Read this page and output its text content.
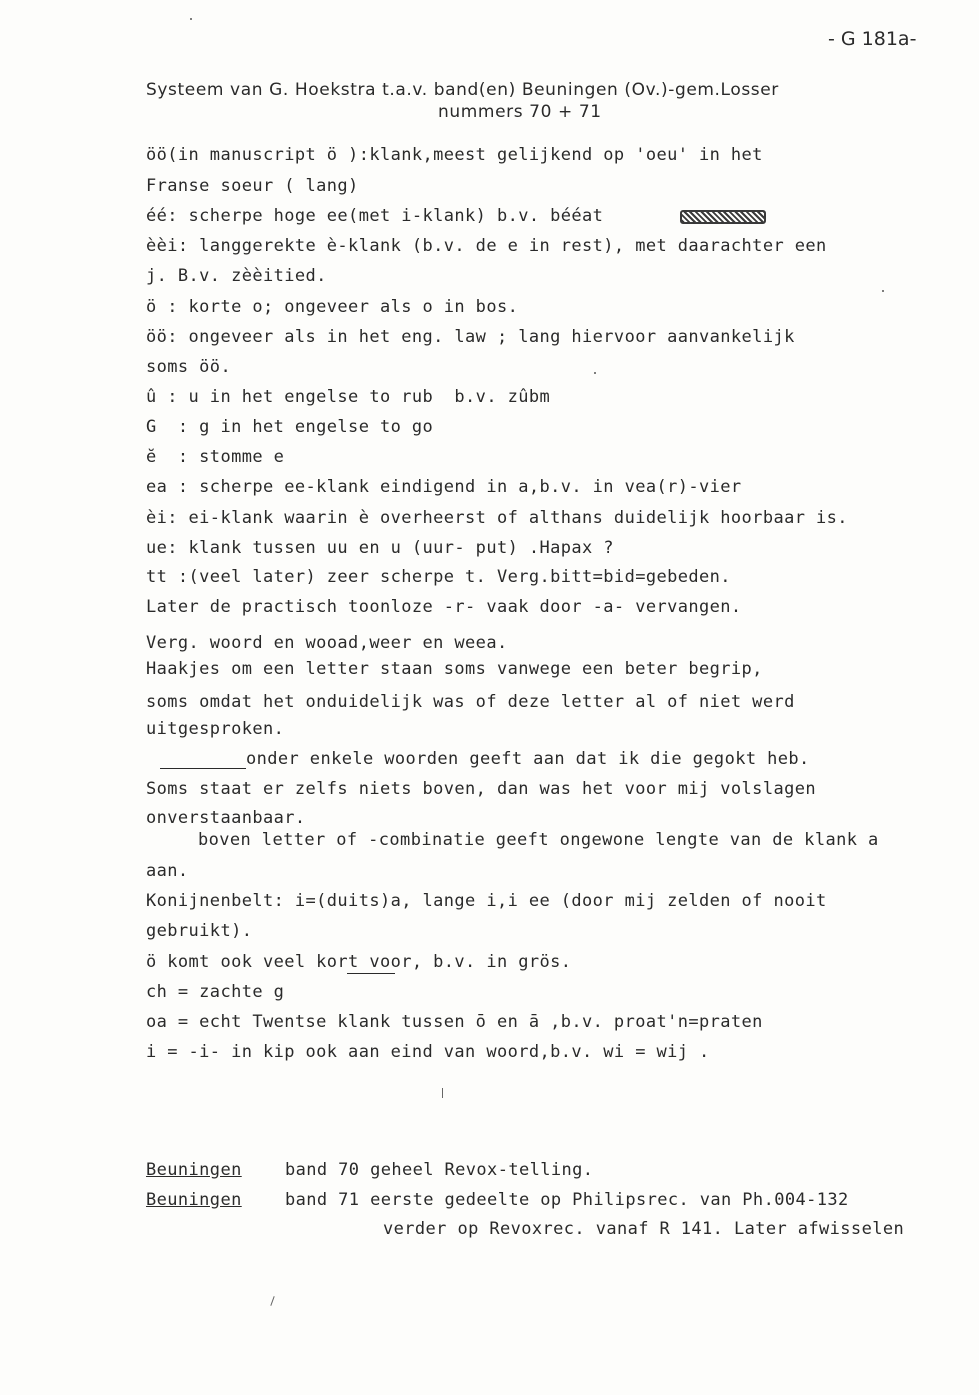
- G 181a-
Systeem van G. Hoekstra t.a.v. band(en) Beuningen (Ov.)-gem.Losser
nummers 70 + 71
öö(in manuscript ö ):klank,meest gelijkend op 'oeu' in het
Franse soeur ( lang)
éé: scherpe hoge ee(met i-klank) b.v. bééat
èèi: langgerekte è-klank (b.v. de e in rest), met daarachter een
j. B.v. zèèitied.
ö : korte o; ongeveer als o in bos.
öö: ongeveer als in het eng. law ; lang hiervoor aanvankelijk
soms öö.
û : u in het engelse to rub  b.v. zûbm
G  : g in het engelse to go
ĕ  : stomme e
ea : scherpe ee-klank eindigend in a,b.v. in vea(r)-vier
èi: ei-klank waarin è overheerst of althans duidelijk hoorbaar is.
ue: klank tussen uu en u (uur- put) .Hapax ?
tt :(veel later) zeer scherpe t. Verg.bitt=bid=gebeden.
Later de practisch toonloze -r- vaak door -a- vervangen.
Verg. woord en wooad,weer en weea.
Haakjes om een letter staan soms vanwege een beter begrip,
soms omdat het onduidelijk was of deze letter al of niet werd
uitgesproken.
onder enkele woorden geeft aan dat ik die gegokt heb.
Soms staat er zelfs niets boven, dan was het voor mij volslagen
onverstaanbaar.
boven letter of -combinatie geeft ongewone lengte van de klank a
aan.
Konijnenbelt: i=(duits)a, lange i,i ee (door mij zelden of nooit
gebruikt).
ö komt ook veel kort voor, b.v. in grös.
ch = zachte g
oa = echt Twentse klank tussen ō en ā ,b.v. proat'n=praten
i = -i- in kip ook aan eind van woord,b.v. wi = wij .
Beuningen	band 70 geheel Revox-telling.
Beuningen	band 71 eerste gedeelte op Philipsrec. van Ph.004-132
verder op Revoxrec. vanaf R 141. Later afwisselen
